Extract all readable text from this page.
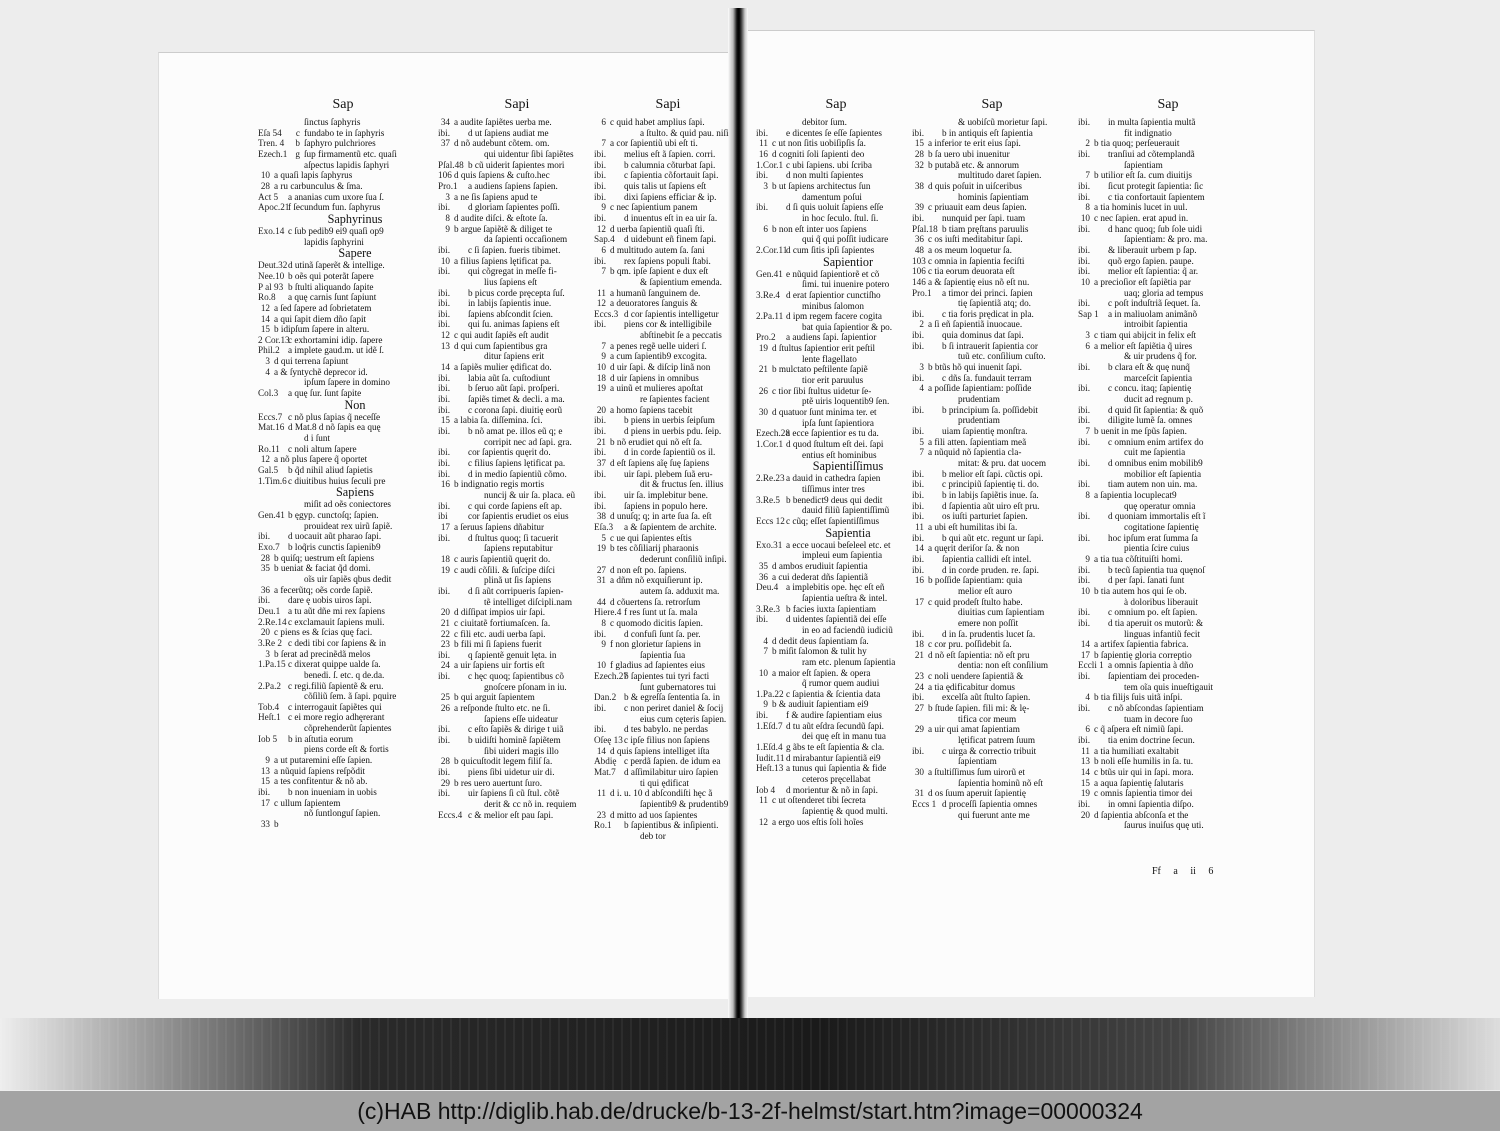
Sap
ſinctus ſaphyris
Eſa 54 c fundabo te in ſaphyris
Tren. 4 b ſaphyro pulchriores
Ezech.1 g ſup firmamentũ etc. quaſi
aſpectus lapidis ſaphyri
10 a quaſi lapis ſaphyrus
28 a ru carbunculus & ſma.
Act 5 a ananias cum uxore ſua ſ.
Apoc.21f ſecundum fun. ſaphyrus
Saphyrinus
Exo.14 c ſub pedib9 ei9 quaſi op9
lapidis ſaphyrini
Sapere
Deut.32d utinã ſaperẽt & intellige.
Nee.10 b oẽs qui poterãt ſapere
P al 93 b ſtulti aliquando ſapite
Ro.8 a quę carnis ſunt ſapiunt
12 a ſed ſapere ad ſobrietatem
14 a qui ſapit diem dño ſapit
15 b idipſum ſapere in alteru.
2 Cor.13c exhortamini idip. ſapere
Phil.2 a implete gaud.m. ut idẽ ſ.
3 d qui terrena ſapiunt
4 a & ſyntychẽ deprecor id.
ipſum ſapere in domino
Col.3 a quę ſur. ſunt ſapite
Non
Eccs.7 c nõ plus ſapias q̃ neceſſe
Mat.16 d Mat.8 d nõ ſapis ea quę
d i ſunt
Ro.11 c noli altum ſapere
12 a nõ plus ſapere q̃ oportet
Gal.5 b q̃d nihil aliud ſapietis
1.Tim.6c diuitibus huius ſeculi pre
Sapiens
miſit ad oẽs coniectores
Gen.41 b ęgyp. cunctoſq; ſapien.
prouideat rex uirũ ſapiẽ.
ibi. d uocauit aũt pharao ſapi.
Exo.7 b loq̃ris cunctis ſapienib9
28 b quiſq; uestrum eſt ſapiens
35 b ueniat & faciat q̃d domi.
oĩs uir ſapiẽs qbus dedit
36 a fecerũtq; oẽs corde ſapiẽ.
ibi. dare ę uobis uiros ſapi.
Deu.1 a tu aũt dñe mi rex ſapiens
2.Re.14c exclamauit ſapiens muli.
20 c piens es & ſcias quę faci.
3.Re 2 c dedi tibi cor ſapiens & in
3 b ſerat ad precinẽdã melos
1.Pa.15 c dixerat quippe ualde ſa.
benedi. ſ. etc. q de.da.
2.Pa.2 c regi.filiũ ſapientẽ & eru.
cõſiliũ ſem. ã ſapi. pquire
Tob.4 c interrogauit ſapiẽtes qui
Heſt.1 c ei more regio adhęrerant
cõprehenderũt ſapientes
Iob 5 b in aſtutia eorum
piens corde eſt & fortis
9 a ut putaremini eſſe ſapien.
13 a nũquid ſapiens reſpõdit
15 a tes confitentur & nõ ab.
ibi. b non inueniam in uobis
17 c ullum ſapientem
nõ ſuntlonguſ ſapien.
33 b
Sapi
34 a audite ſapiẽtes uerba me.
ibi. d ut ſapiens audiat me
37 d nõ audebunt cõtem. om.
qui uidentur ſibi ſapiẽtes
Pſal.48 b cũ uiderit ſapientes mori
106 d quis ſapiens & cuſto.hec
Pro.1 a audiens ſapiens ſapien.
3 a ne ſis ſapiens apud te
ibi. d gloriam ſapientes poſſi.
8 d audite diſci. & eſtote ſa.
9 b argue ſapiẽtẽ & diliget te
da ſapienti occaſionem
ibi. c ſi ſapien. fueris tibimet.
10 a filius ſapiens lętificat pa.
ibi. qui cõgregat in meſſe fi-
lius ſapiens eſt
ibi. b picus corde pręcepta ſuſ.
ibi. in labijs ſapientis inue.
ibi. ſapiens abſcondit ſcien.
ibi. qui ſu. animas ſapiens eſt
12 c qui audit ſapiẽs eſt audit
13 d qui cum ſapientibus gra
ditur ſapiens erit
14 a ſapiẽs mulier ędificat do.
ibi. labia aũt ſa. cuſtodiunt
ibi. b ſeruo aũt ſapi. proſperi.
ibi. ſapiẽs timet & decli. a ma.
ibi. c corona ſapi. diuitię eorũ
15 a labia ſa. diſſemina. ſci.
ibi. b nõ amat pe. illos eũ q; e
corripit nec ad ſapi. gra.
ibi. cor ſapientis quęrit do.
ibi. c filius ſapiens lętificat pa.
ibi. d in medio ſapientiũ cõmo.
16 b indignatio regis mortis
nuncij & uir ſa. placa. eũ
ibi. c qui corde ſapiens eſt ap.
ibi cor ſapientis erudiet os eius
17 a ſeruus ſapiens dñabitur
ibi. d ſtultus quoq; ſi tacuerit
ſapiens reputabitur
18 c auris ſapientiũ quęrit do.
19 c audi cõſili. & ſuſcipe diſci
plinã ut ſis ſapiens
ibi. d ſi aũt corripueris ſapien-
tẽ intelliget diſcipli.nam
20 d diſſipat impios uir ſapi.
21 c ciuitatẽ fortiumaſcen. ſa.
22 c fili etc. audi uerba ſapi.
23 b fili mi ſi ſapiens fuerit
ibi. q ſapientẽ genuit lęta. in
24 a uir ſapiens uir fortis eſt
ibi. c hęc quoq; ſapientibus cõ
gnoſcere pſonam in iu.
25 b qui arguit ſapientem
26 a reſponde ſtulto etc. ne ſi.
ſapiens eſſe uideatur
ibi. c eſto ſapiẽs & dirige t uiã
ibi. b uidiſti hominẽ ſapiẽtem
ſibi uideri magis illo
28 b quicuſtodit legem filiſ ſa.
ibi. piens ſibi uidetur uir di.
29 b res uero auertunt ſuro.
ibi. uir ſapiens ſi cũ ſtul. cõtẽ
derit & cc nõ in. requiem
Eccs.4 c & melior eſt pau ſapi.
Sapi
6 c quid habet amplius ſapi.
a ſtulto. & quid pau. niſi
7 a cor ſapientiũ ubi eſt ti.
ibi. melius eſt ã ſapien. corri.
ibi. b calumnia cõturbat ſapi.
ibi. c ſapientia cõfortauit ſapi.
ibi. quis talis ut ſapiens eſt
ibi. dixi ſapiens efficiar & ip.
9 c nec ſapientium panem
ibi. d inuentus eſt in ea uir ſa.
12 d uerba ſapientiũ quaſi ſti.
Sap.4 d uidebunt eñ finem ſapi.
6 d multitudo autem ſa. ſani
ibi. rex ſapiens populi ſtabi.
7 b qm. ipſe ſapient e dux eſt
& ſapientium emenda.
11 a humanũ ſanguinem de.
12 a deuoratores ſanguis &
Eccs.3 d cor ſapientis intelligetur
ibi. piens cor & intelligibile
abſtinebit ſe a peccatis
7 a penes regẽ uelle uideri ſ.
9 a cum ſapientib9 excogita.
10 d uir ſapi. & diſcip linã non
18 d uir ſapiens in omnibus
19 a uinũ et mulieres apoſtat
re ſapientes facient
20 a homo ſapiens tacebit
ibi. b piens in uerbis ſeipſum
ibi. d piens in uerbis pdu. ſeip.
21 b nõ erudiet qui nõ eſt ſa.
ibi. d in corde ſapientiũ os il.
37 d eſt ſapiens aĩę ſuę ſapiens
ibi. uir ſapi. plebem ſuã eru-
dit & fructus ſen. illius
ibi. uir ſa. implebitur bene.
ibi. ſapiens in populo here.
38 d unuſq; q; in arte ſua ſa. eſt
Eſa.3 a & ſapientem de archite.
5 c ue qui ſapientes eſtis
19 b tes cõſiliarij pharaonis
dederunt conſiliũ inſipi.
27 d non eſt po. ſapiens.
31 a dñm nõ exquiſierunt ip.
autem ſa. adduxit ma.
44 d cõuertens ſa. retrorſum
Hiere.4 f res ſunt ut ſa. mala
8 c quomodo dicitis ſapien.
ibi. d confuſi ſunt ſa. per.
9 f non glorietur ſapiens in
ſapientia ſua
10 f gladius ad ſapientes eius
Ezech.27b ſapientes tui tyri facti
ſunt gubernatores tui
Dan.2 b & egreſſa ſententia ſa. in
ibi. c non periret daniel & ſocij
eius cum cęteris ſapien.
ibi. d tes babylo. ne perdas
Oſeę 13c ipſe filius non ſapiens
14 d quis ſapiens intelliget iſta
Abdię c perdã ſapien. de idum ea
Mat.7 d aſſimilabitur uiro ſapien
ti qui ędificat
11 d i. u. 10 d abſcondiſti hęc ã
ſapientib9 & prudentib9
23 d mitto ad uos ſapientes
Ro.1 b ſapientibus & inſipienti.
deb tor
Sap
debitor ſum.
ibi. e dicentes ſe eſſe ſapientes
11 c ut non ſitis uobiſipſis ſa.
16 d cogniti ſoli ſapienti deo
1.Cor.1 c ubi ſapiens. ubi ſcriba
ibi. d non multi ſapientes
3 b ut ſapiens architectus ſun
damentum poſui
ibi. d ſi quis uoluit ſapiens eſſe
in hoc ſeculo. ſtul. ſi.
6 b non eſt inter uos ſapiens
qui q̃ qui poſſit iudicare
2.Cor.11d cum ſitis ipſi ſapientes
Sapientior
Gen.41 e nũquid ſapientiorẽ et cõ
ſimi. tui inuenire potero
3.Re.4 d erat ſapientior cunctiſho
minibus ſalomon
2.Pa.11 d ipm regem facere cogita
bat quia ſapientior & po.
Pro.2 a audiens ſapi. ſapientior
19 d ſtultus ſapientior erit peſtil
lente flagellato
21 b mulctato peſtilente ſapiẽ
tior erit paruulus
26 c tior ſibi ſtultus uidetur ſe-
ptẽ uiris loquentib9 ſen.
30 d quatuor ſunt minima ter. et
ipſa ſunt ſapientiora
Ezech.28a ecce ſapientior es tu da.
1.Cor.1 d quod ſtultum eſt dei. ſapi
entius eſt hominibus
Sapientiſſimus
2.Re.23a dauid in cathedra ſapien
tiſſimus inter tres
3.Re.5 b benedict9 deus qui dedit
dauid filiũ ſapientiſſimũ
Eccs 12c cũq; eſſet ſapientiſſimus
Sapientia
Exo.31 a ecce uocaui beſeleel etc. et
impleui eum ſapientia
35 d ambos erudiuit ſapientia
36 a cui dederat dñs ſapientiã
Deu.4 a implebitis ope. hęc eſt eñ
ſapientia ueſtra & intel.
3.Re.3 b facies iuxta ſapientiam
ibi. d uidentes ſapientiã dei eſſe
in eo ad faciendũ iudiciũ
4 d dedit deus ſapientiam ſa.
7 b miſit ſalomon & tulit hy
ram etc. plenum ſapientia
10 a maior eſt ſapien. & opera
q̃ rumor quem audiui
1.Pa.22 c ſapientia & ſcientia data
9 b & audiuit ſapientiam ei9
ibi. f & audire ſapientiam eius
1.Eſd.7 d tu aũt eſdra ſecundũ ſapi.
dei quę eſt in manu tua
1.Eſd.4 g ãbs te eſt ſapientia & cla.
Iudit.11 d mirabantur ſapientiã ei9
Heſt.13 a tunus qui ſapientia & fide
ceteros pręcellabat
Iob 4 d morientur & nõ in ſapi.
11 c ut oſtenderet tibi ſecreta
ſapientię & quod multi.
12 a ergo uos eſtis ſoli hoĩes
Sap
& uobiſcũ morietur ſapi.
ibi. b in antiquis eſt ſapientia
15 a inferior te erit eius ſapi.
28 b ſa uero ubi inuenitur
32 b putabã etc. & annorum
multitudo daret ſapien.
38 d quis poſuit in uiſceribus
hominis ſapientiam
39 c priuauit eam deus ſapien.
ibi. nunquid per ſapi. tuam
Pſal.18 b tiam pręſtans paruulis
36 c os iuſti meditabitur ſapi.
48 a os meum loquetur ſa.
103 c omnia in ſapientia feciſti
106 c tia eorum deuorata eſt
146 a & ſapientię eius nõ eſt nu.
Pro.1 a timor dei princi. ſapien
tię ſapientiã atq; do.
ibi. c tia foris prędicat in pla.
2 a ſi eñ ſapientiã inuocaue.
ibi. quia dominus dat ſapi.
ibi. b ſi intrauerit ſapientia cor
tuũ etc. conſilium cuſto.
3 b btũs hõ qui inuenit ſapi.
ibi. c dñs ſa. fundauit terram
4 a poſſide ſapientiam: poſſide
prudentiam
ibi. b principium ſa. poſſidebit
prudentiam
ibi. uiam ſapientię monſtra.
5 a fili atten. ſapientiam meã
7 a nũquid nõ ſapientia cla-
mitat: & pru. dat uocem
ibi. b melior eſt ſapi. cũctis opi.
ibi. c principiũ ſapientię ti. do.
ibi. b in labijs ſapiẽtis inue. ſa.
ibi. d ſapientia aũt uiro eſt pru.
ibi. os iuſti parturiet ſapien.
11 a ubi eſt humilitas ibi ſa.
ibi. b qui aũt etc. regunt ur ſapi.
14 a quęrit deriſor ſa. & non
ibi. ſapientia callidi eſt intel.
ibi. d in corde pruden. re. ſapi.
16 b poſſide ſapientiam: quia
melior eſt auro
17 c quid prodeſt ſtulto habe.
diuitias cum ſapientiam
emere non poſſit
ibi. d in ſa. prudentis lucet ſa.
18 c cor pru. poſſidebit ſa.
21 d nõ eſt ſapientia: nõ eſt pru
dentia: non eſt conſilium
23 c noli uendere ſapientiã &
24 a tia ędificabitur domus
ibi. excelſa aũt ſtulto ſapien.
27 b ſtude ſapien. fili mi: & lę-
tifica cor meum
29 a uir qui amat ſapientiam
lętificat patrem ſuum
ibi. c uirga & correctio tribuit
ſapientiam
30 a ſtultiſſimus ſum uirorũ et
ſapientia hominũ nõ eſt
31 d os ſuum aperuit ſapientię
Eccs 1 d proceſſi ſapientia omnes
qui fuerunt ante me
Sap
ibi. in multa ſapientia multã
fit indignatio
2 b tia quoq; perſeuerauit
ibi. tranſiui ad cõtemplandã
ſapientiam
7 b utilior eſt ſa. cum diuitijs
ibi. ſicut protegit ſapientia: ſic
ibi. c tia confortauit ſapientem
8 a tia hominis lucet in uul.
10 c nec ſapien. erat apud in.
ibi. d hanc quoq; ſub ſole uidi
ſapientiam: & pro. ma.
ibi. & liberauit urbem p ſap.
ibi. quõ ergo ſapien. paupe.
ibi. melior eſt ſapientia: q̃ ar.
10 a precioſior eſt ſapiẽtia par
uaq; gloria ad tempus
ibi. c poſt induſtriã ſequet. ſa.
Sap 1 a in maliuolam animãnõ
introibit ſapientia
3 c tiam qui abijcit in felix eſt
6 a melior eſt ſapiẽtia q̃ uires
& uir prudens q̃ for.
ibi. b clara eſt & quę nunq̃
marceſcit ſapientia
ibi. c concu. itaq; ſapientię
ducit ad regnum p.
ibi. d quid ſit ſapientia: & quõ
ibi. diligite lumẽ ſa. omnes
7 b uenit in me ſpũs ſapien.
ibi. c omnium enim artifex do
cuit me ſapientia
ibi. d omnibus enim mobilib9
mobilior eſt ſapientia
ibi. tiam autem non uin. ma.
8 a ſapientia locuplecat9
quę operatur omnia
ibi. d quoniam immortalis eſt ĩ
cogitatione ſapientię
ibi. hoc ipſum erat ſumma ſa
pientia ſcire cuius
9 a tia tua cõſtituiſti homi.
ibi. b tecũ ſapientia tua quęnoſ
ibi. d per ſapi. ſanati ſunt
10 b tia autem hos qui ſe ob.
à doloribus liberauit
ibi. c omnium po. eſt ſapien.
ibi. d tia aperuit os mutorũ: &
linguas infantiũ fecit
14 a artifex ſapientia fabrica.
17 b ſapientię gloria correptio
Eccli 1 a omnis ſapientia à dño
ibi. ſapientiam dei proceden-
tem oĩa quis inueſtigauit
4 b tia filijs ſuis uitã inſpi.
ibi. c nõ abſcondas ſapientiam
tuam in decore ſuo
6 c q̃ aſpera eſt nimiũ ſapi.
ibi. tia enim doctrine ſecun.
11 a tia humiliati exaltabit
13 b noli eſſe humilis in ſa. tu.
14 c btũs uir qui in ſapi. mora.
15 a aqua ſapientię ſalutaris
19 c omnis ſapientia timor dei
ibi. in omni ſapientia diſpo.
20 d ſapientia abſconſa et the
ſaurus inuiſus quę uti.
Ff a ii 6
(c)HAB http://diglib.hab.de/drucke/b-13-2f-helmst/start.htm?image=00000324
